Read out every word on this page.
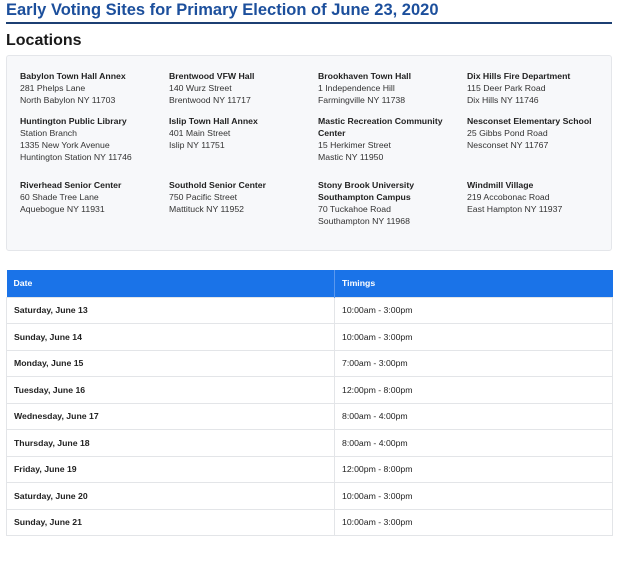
Early Voting Sites for Primary Election of June 23, 2020
Locations
Babylon Town Hall Annex
281 Phelps Lane
North Babylon NY 11703
Brentwood VFW Hall
140 Wurz Street
Brentwood NY 11717
Brookhaven Town Hall
1 Independence Hill
Farmingville NY 11738
Dix Hills Fire Department
115 Deer Park Road
Dix Hills NY 11746
Huntington Public Library
Station Branch
1335 New York Avenue
Huntington Station NY 11746
Islip Town Hall Annex
401 Main Street
Islip NY 11751
Mastic Recreation Community Center
15 Herkimer Street
Mastic NY 11950
Nesconset Elementary School
25 Gibbs Pond Road
Nesconset NY 11767
Riverhead Senior Center
60 Shade Tree Lane
Aquebogue NY 11931
Southold Senior Center
750 Pacific Street
Mattituck NY 11952
Stony Brook University Southampton Campus
70 Tuckahoe Road
Southampton NY 11968
Windmill Village
219 Accobonac Road
East Hampton NY 11937
Date	Timings
Saturday, June 13	10:00am - 3:00pm
Sunday, June 14	10:00am - 3:00pm
Monday, June 15	7:00am - 3:00pm
Tuesday, June 16	12:00pm - 8:00pm
Wednesday, June 17	8:00am - 4:00pm
Thursday, June 18	8:00am - 4:00pm
Friday, June 19	12:00pm - 8:00pm
Saturday, June 20	10:00am - 3:00pm
Sunday, June 21	10:00am - 3:00pm
